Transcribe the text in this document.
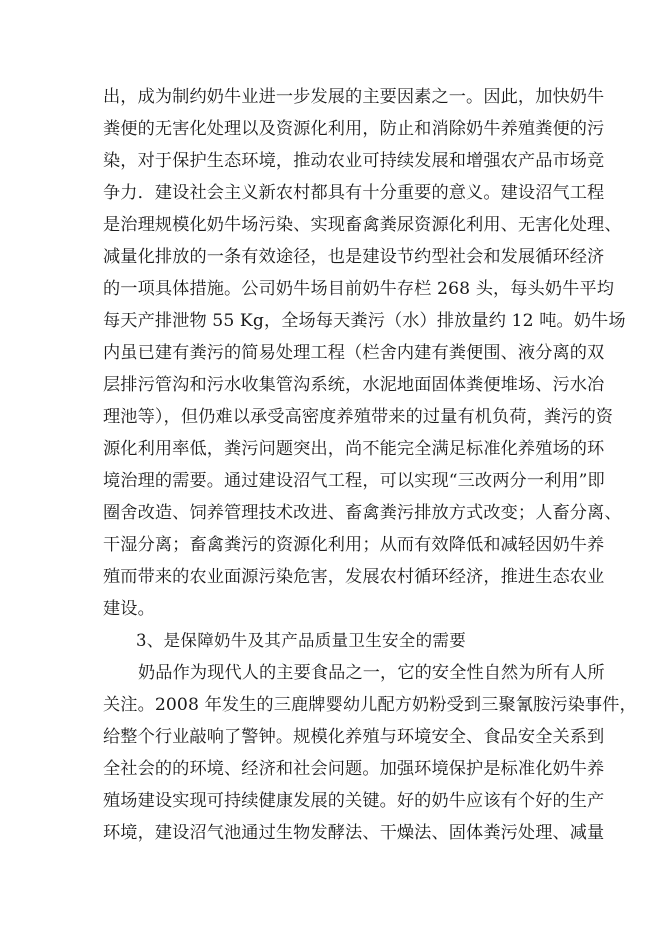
出，成为制约奶牛业进一步发展的主要因素之一。因此，加快奶牛
粪便的无害化处理以及资源化利用，防止和消除奶牛养殖粪便的污
染，对于保护生态环境，推动农业可持续发展和增强农产品市场竞
争力．建设社会主义新农村都具有十分重要的意义。建设沼气工程
是治理规模化奶牛场污染、实现畜禽粪尿资源化利用、无害化处理、
减量化排放的一条有效途径，也是建设节约型社会和发展循环经济
的一项具体措施。公司奶牛场目前奶牛存栏 268 头，每头奶牛平均
每天产排泄物 55 Kg，全场每天粪污（水）排放量约 12 吨。奶牛场
内虽已建有粪污的简易处理工程（栏舍内建有粪便围、液分离的双
层排污管沟和污水收集管沟系统，水泥地面固体粪便堆场、污水冶
理池等），但仍难以承受高密度养殖带来的过量有机负荷，粪污的资
源化利用率低，粪污问题突出，尚不能完全满足标准化养殖场的环
境治理的需要。通过建设沼气工程，可以实现“三改两分一利用”即
圈舍改造、饲养管理技术改进、畜禽粪污排放方式改变；人畜分离、
干湿分离；畜禽粪污的资源化利用；从而有效降低和减轻因奶牛养
殖而带来的农业面源污染危害，发展农村循环经济，推进生态农业
建设。
3、是保障奶牛及其产品质量卫生安全的需要
奶品作为现代人的主要食品之一，它的安全性自然为所有人所
关注。2008 年发生的三鹿牌婴幼儿配方奶粉受到三聚氰胺污染事件，
给整个行业敲响了警钟。规模化养殖与环境安全、食品安全关系到
全社会的的环境、经济和社会问题。加强环境保护是标准化奶牛养
殖场建设实现可持续健康发展的关键。好的奶牛应该有个好的生产
环境，建设沼气池通过生物发酵法、干燥法、固体粪污处理、减量
